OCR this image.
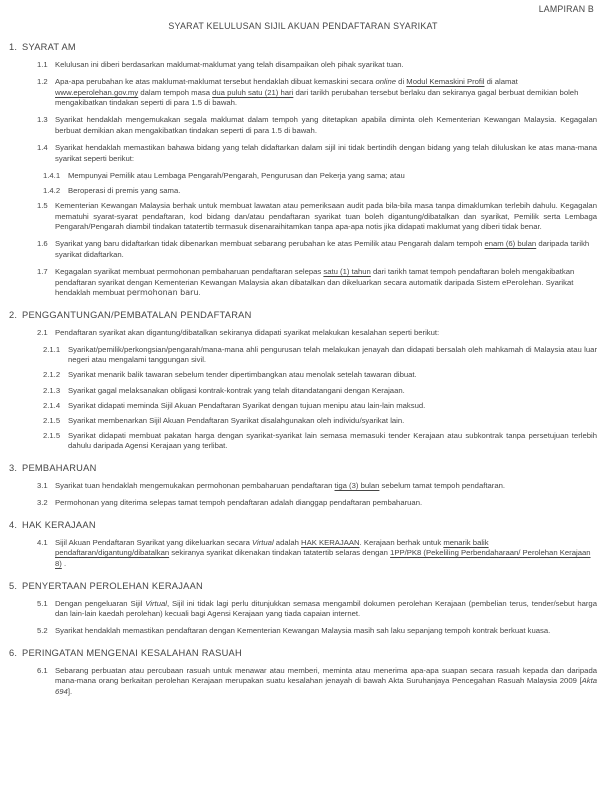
LAMPIRAN B
SYARAT KELULUSAN SIJIL AKUAN PENDAFTARAN SYARIKAT
1. SYARAT AM
1.1 Kelulusan ini diberi berdasarkan maklumat-maklumat yang telah disampaikan oleh pihak syarikat tuan.
1.2 Apa-apa perubahan ke atas maklumat-maklumat tersebut hendaklah dibuat kemaskini secara online di Modul Kemaskini Profil di alamat www.eperolehan.gov.my dalam tempoh masa dua puluh satu (21) hari dari tarikh perubahan tersebut berlaku dan sekiranya gagal berbuat demikian boleh mengakibatkan tindakan seperti di para 1.5 di bawah.
1.3 Syarikat hendaklah mengemukakan segala maklumat dalam tempoh yang ditetapkan apabila diminta oleh Kementerian Kewangan Malaysia. Kegagalan berbuat demikian akan mengakibatkan tindakan seperti di para 1.5 di bawah.
1.4 Syarikat hendaklah memastikan bahawa bidang yang telah didaftarkan dalam sijil ini tidak bertindih dengan bidang yang telah diluluskan ke atas mana-mana syarikat seperti berikut:
1.4.1	Mempunyai Pemilik atau Lembaga Pengarah/Pengarah, Pengurusan dan Pekerja yang sama; atau
1.4.2	Beroperasi di premis yang sama.
1.5 Kementerian Kewangan Malaysia berhak untuk membuat lawatan atau pemeriksaan audit pada bila-bila masa tanpa dimaklumkan terlebih dahulu. Kegagalan mematuhi syarat-syarat pendaftaran, kod bidang dan/atau pendaftaran syarikat tuan boleh digantung/dibatalkan dan syarikat, Pemilik serta Lembaga Pengarah/Pengarah diambil tindakan tatatertib termasuk disenaraihitamkan tanpa apa-apa notis jika didapati maklumat yang diberi tidak benar.
1.6 Syarikat yang baru didaftarkan tidak dibenarkan membuat sebarang perubahan ke atas Pemilik atau Pengarah dalam tempoh enam (6) bulan daripada tarikh syarikat didaftarkan.
1.7 Kegagalan syarikat membuat permohonan pembaharuan pendaftaran selepas satu (1) tahun dari tarikh tamat tempoh pendaftaran boleh mengakibatkan pendaftaran syarikat dengan Kementerian Kewangan Malaysia akan dibatalkan dan dikeluarkan secara automatik daripada Sistem ePerolehan. Syarikat hendaklah membuat permohonan baru.
2. PENGGANTUNGAN/PEMBATALAN PENDAFTARAN
2.1 Pendaftaran syarikat akan digantung/dibatalkan sekiranya didapati syarikat melakukan kesalahan seperti berikut:
2.1.1	Syarikat/pemilik/perkongsian/pengarah/mana-mana ahli pengurusan telah melakukan jenayah dan didapati bersalah oleh mahkamah di Malaysia atau luar negeri atau mengalami tanggungan sivil.
2.1.2	Syarikat menarik balik tawaran sebelum tender dipertimbangkan atau menolak setelah tawaran dibuat.
2.1.3	Syarikat gagal melaksanakan obligasi kontrak-kontrak yang telah ditandatangani dengan Kerajaan.
2.1.4	Syarikat didapati meminda Sijil Akuan Pendaftaran Syarikat dengan tujuan menipu atau lain-lain maksud.
2.1.5	Syarikat membenarkan Sijil Akuan Pendaftaran Syarikat disalahgunakan oleh individu/syarikat lain.
2.1.5	Syarikat didapati membuat pakatan harga dengan syarikat-syarikat lain semasa memasuki tender Kerajaan atau subkontrak tanpa persetujuan terlebih dahulu daripada Agensi Kerajaan yang terlibat.
3. PEMBAHARUAN
3.1 Syarikat tuan hendaklah mengemukakan permohonan pembaharuan pendaftaran tiga (3) bulan sebelum tamat tempoh pendaftaran.
3.2 Permohonan yang diterima selepas tamat tempoh pendaftaran adalah dianggap pendaftaran pembaharuan.
4. HAK KERAJAAN
4.1 Sijil Akuan Pendaftaran Syarikat yang dikeluarkan secara Virtual adalah HAK KERAJAAN. Kerajaan berhak untuk menarik balik pendaftaran/digantung/dibatalkan sekiranya syarikat dikenakan tindakan tatatertib selaras dengan 1PP/PK8 (Pekeliling Perbendaharaan/ Perolehan Kerajaan 8) .
5. PENYERTAAN PEROLEHAN KERAJAAN
5.1 Dengan pengeluaran Sijil Virtual, Sijil ini tidak lagi perlu ditunjukkan semasa mengambil dokumen perolehan Kerajaan (pembelian terus, tender/sebut harga dan lain-lain kaedah perolehan) kecuali bagi Agensi Kerajaan yang tiada capaian internet.
5.2 Syarikat hendaklah memastikan pendaftaran dengan Kementerian Kewangan Malaysia masih sah laku sepanjang tempoh kontrak berkuat kuasa.
6. PERINGATAN MENGENAI KESALAHAN RASUAH
6.1 Sebarang perbuatan atau percubaan rasuah untuk menawar atau memberi, meminta atau menerima apa-apa suapan secara rasuah kepada dan daripada mana-mana orang berkaitan perolehan Kerajaan merupakan suatu kesalahan jenayah di bawah Akta Suruhanjaya Pencegahan Rasuah Malaysia 2009 [Akta 694].
